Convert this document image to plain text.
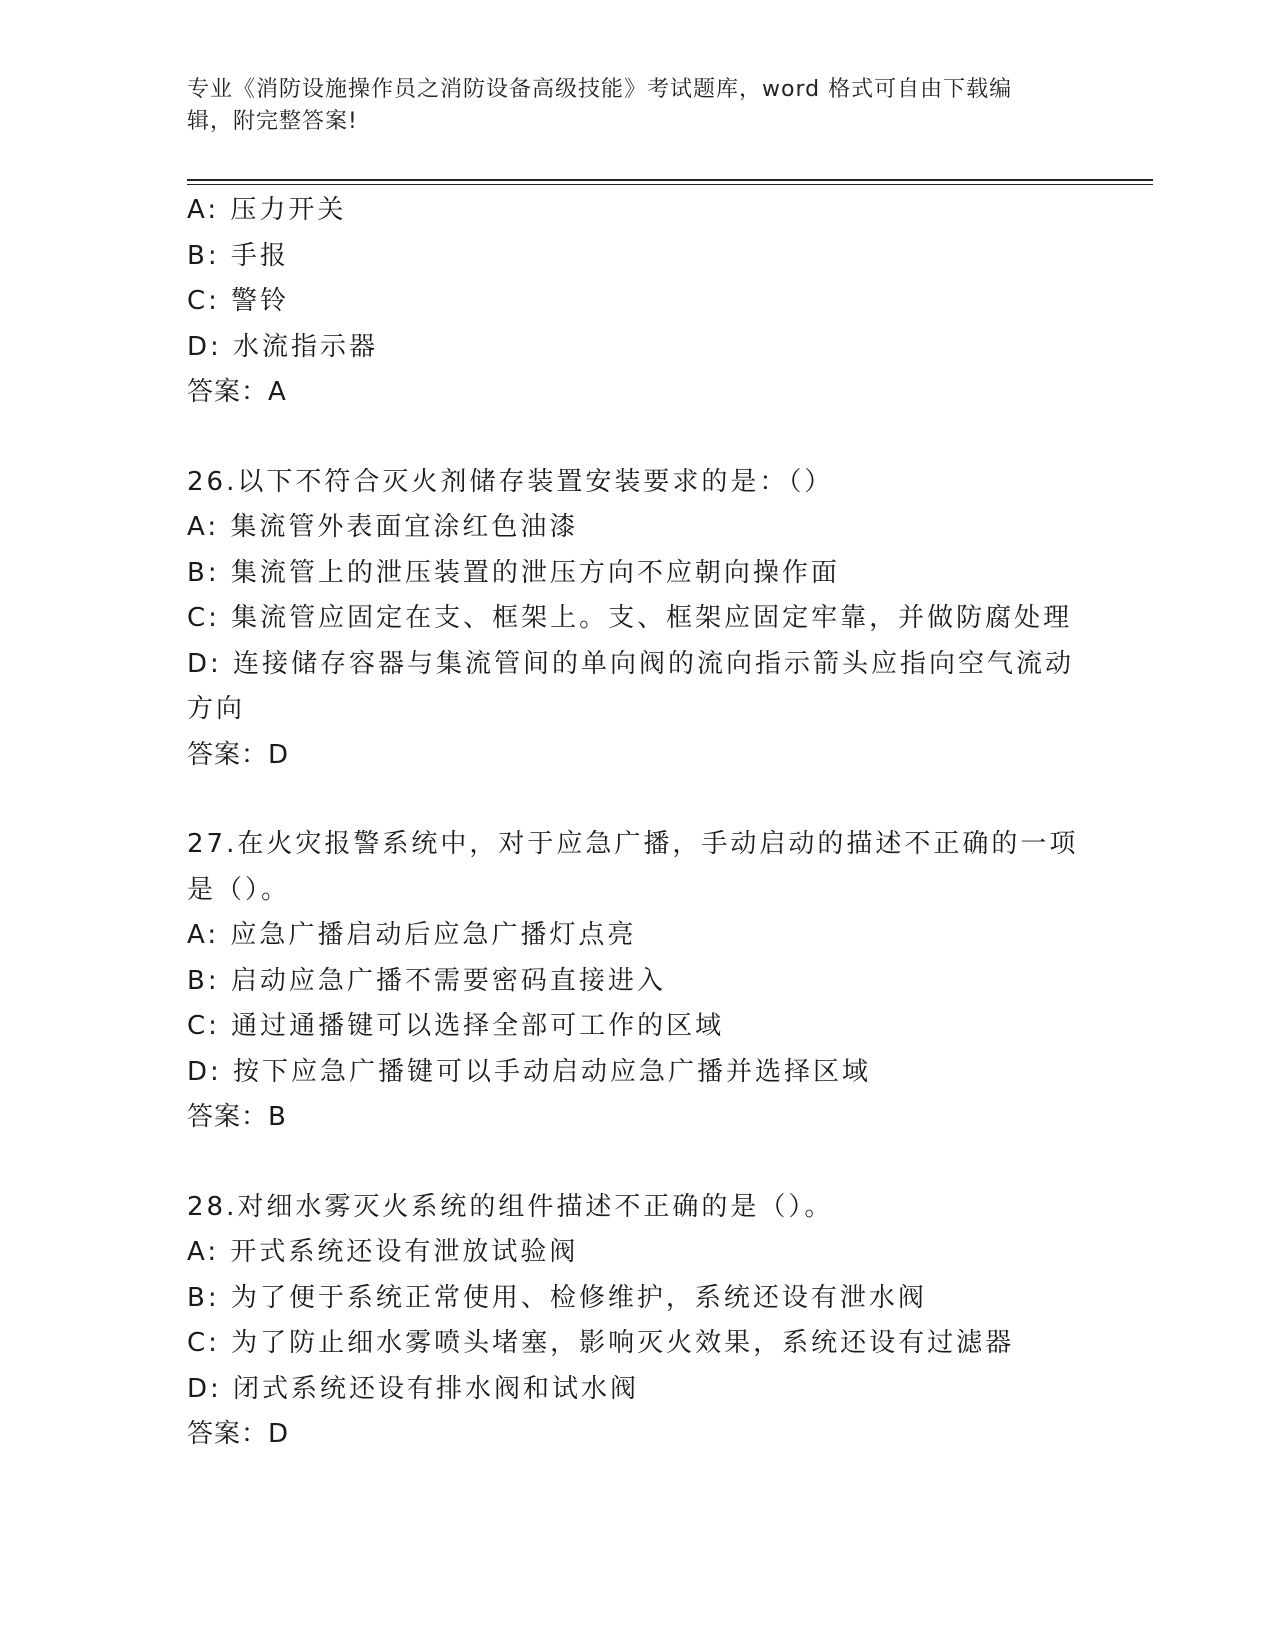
专业《消防设施操作员之消防设备高级技能》考试题库，word 格式可自由下载编
辑，附完整答案!
A: 压力开关
B: 手报
C: 警铃
D: 水流指示器
答案：A
26.以下不符合灭火剂储存装置安装要求的是：（）
A: 集流管外表面宜涂红色油漆
B: 集流管上的泄压装置的泄压方向不应朝向操作面
C: 集流管应固定在支、框架上。支、框架应固定牢靠，并做防腐处理
D: 连接储存容器与集流管间的单向阀的流向指示箭头应指向空气流动
方向
答案：D
27.在火灾报警系统中，对于应急广播，手动启动的描述不正确的一项
是（）。
A: 应急广播启动后应急广播灯点亮
B: 启动应急广播不需要密码直接进入
C: 通过通播键可以选择全部可工作的区域
D: 按下应急广播键可以手动启动应急广播并选择区域
答案：B
28.对细水雾灭火系统的组件描述不正确的是（）。
A: 开式系统还设有泄放试验阀
B: 为了便于系统正常使用、检修维护，系统还设有泄水阀
C: 为了防止细水雾喷头堵塞，影响灭火效果，系统还设有过滤器
D: 闭式系统还设有排水阀和试水阀
答案：D
